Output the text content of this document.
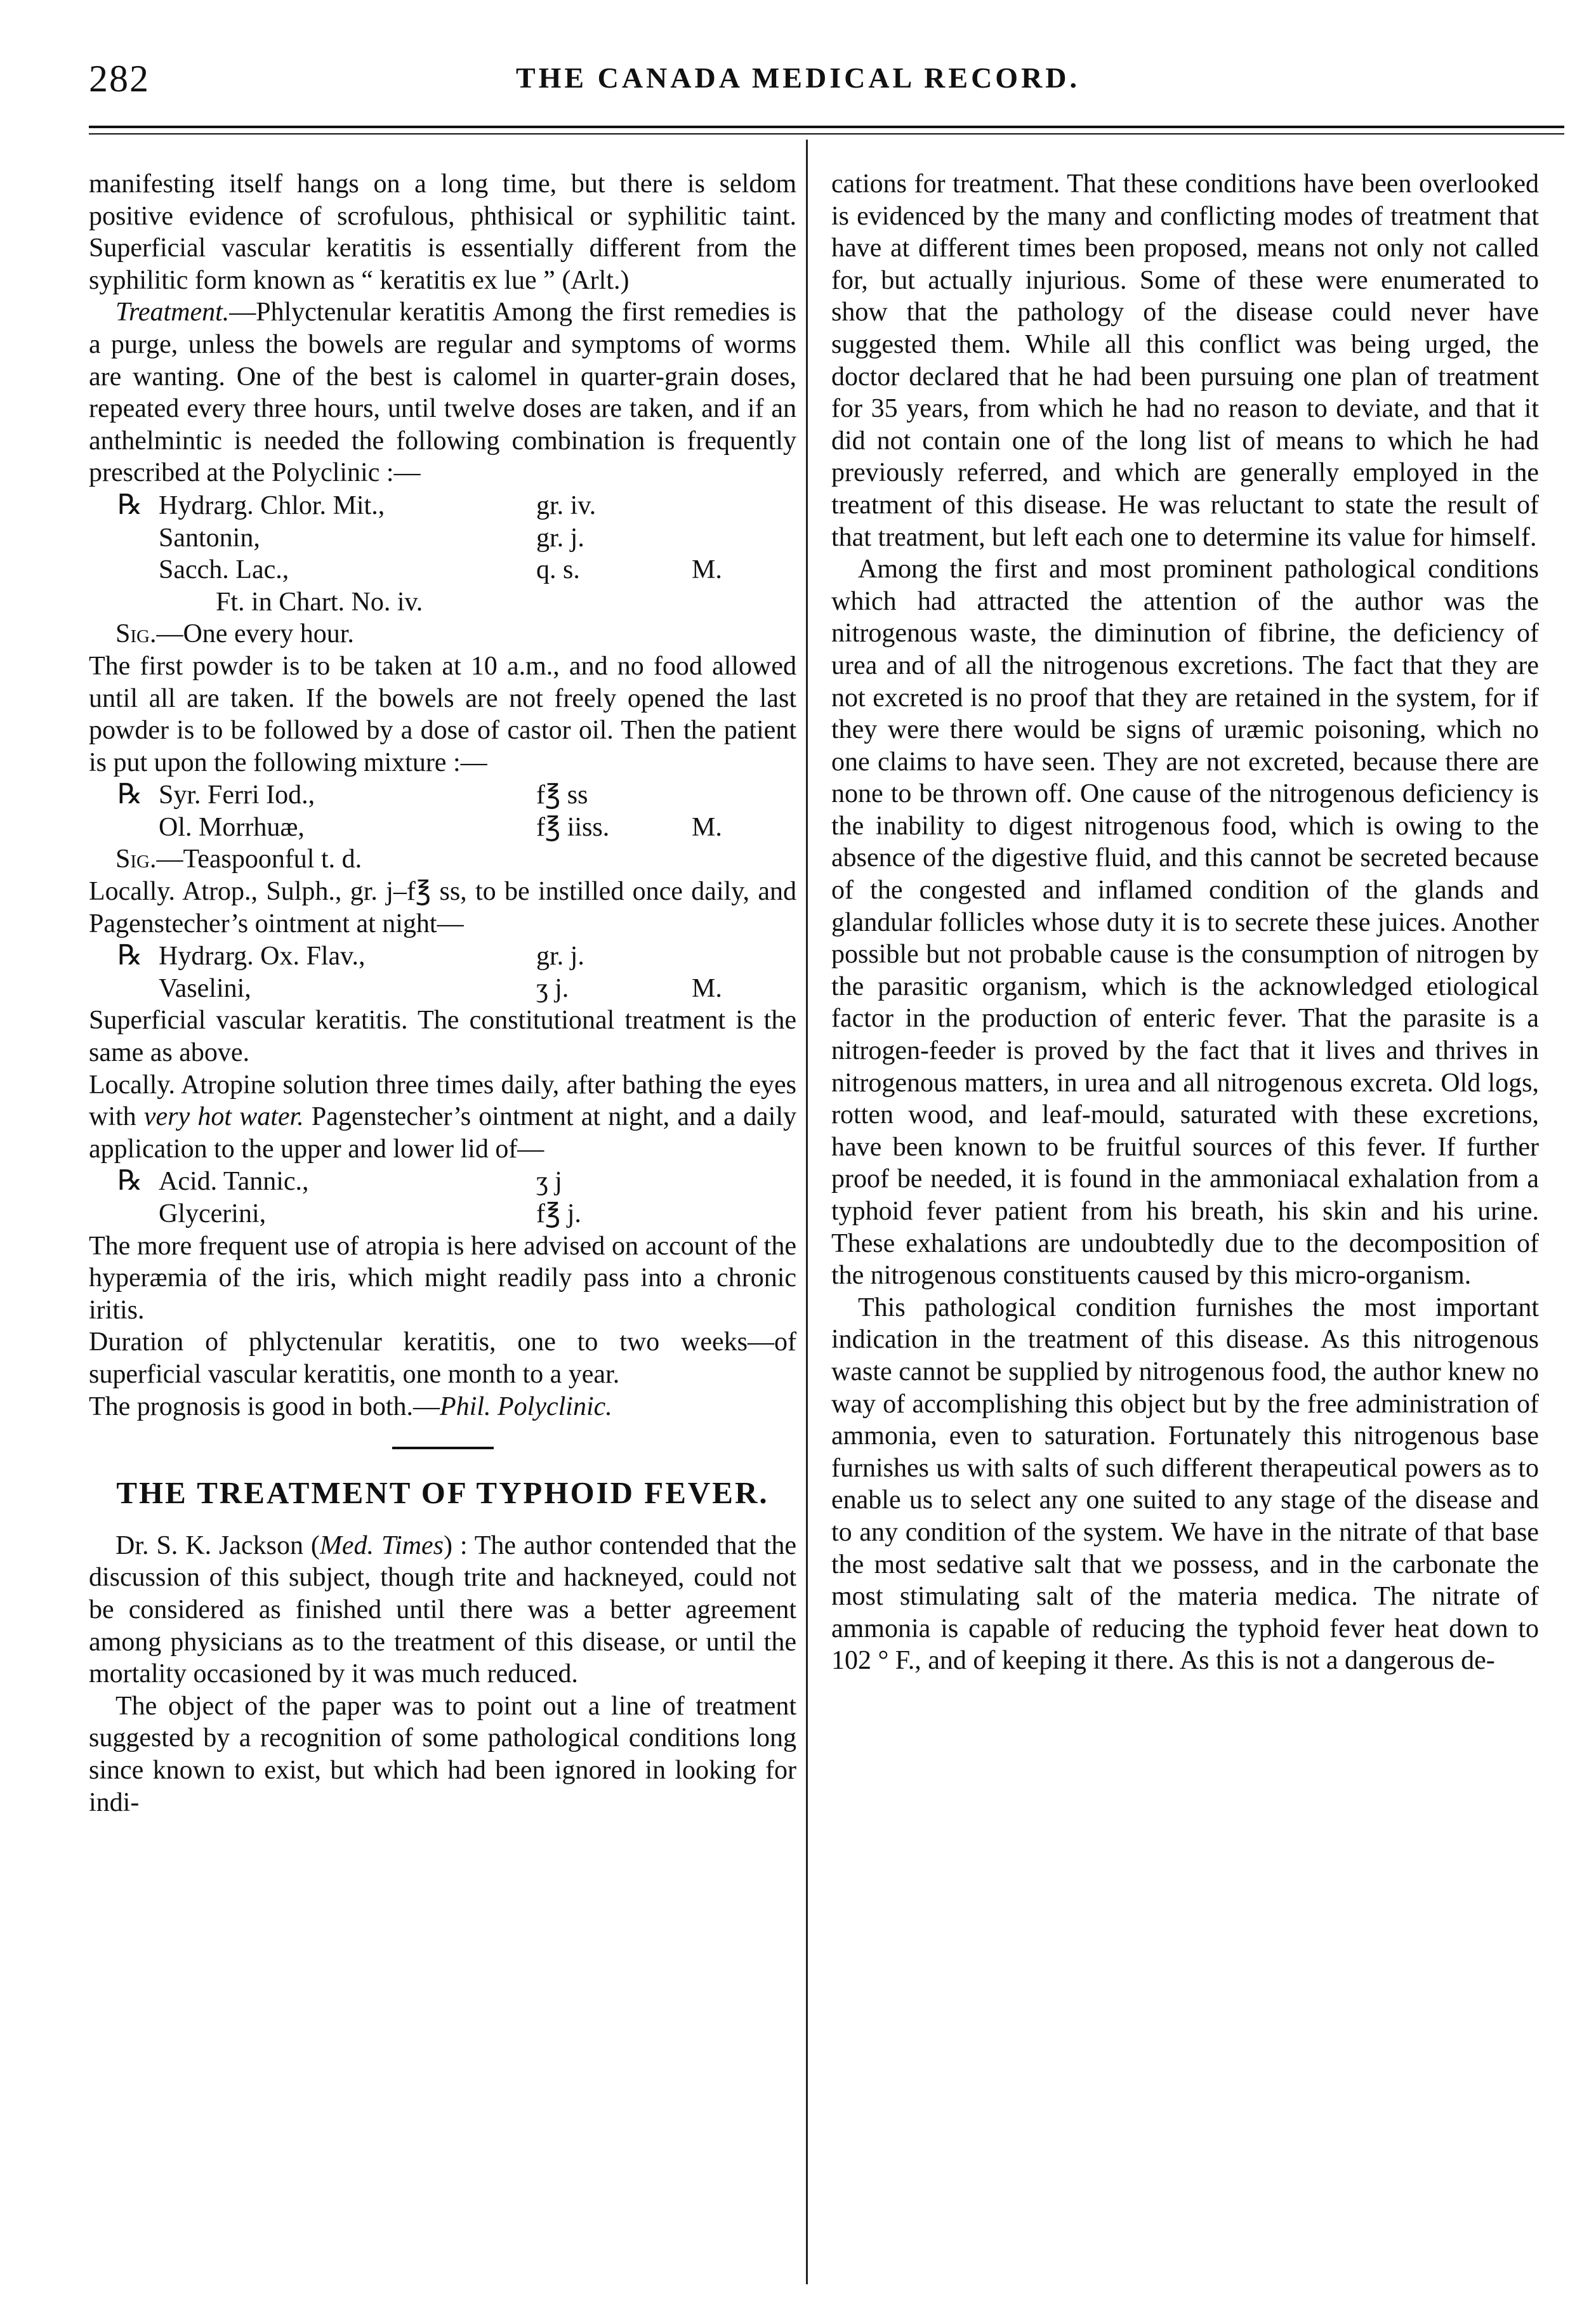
282	THE CANADA MEDICAL RECORD.

manifesting itself hangs on a long time, but there is seldom positive evidence of scrofulous, phthisical or syphilitic taint. Superficial vascular keratitis is essentially different from the syphilitic form known as “ keratitis ex lue ” (Arlt.)

Treatment.—Phlyctenular keratitis Among the first remedies is a purge, unless the bowels are regular and symptoms of worms are wanting. One of the best is calomel in quarter-grain doses, repeated every three hours, until twelve doses are taken, and if an anthelmintic is needed the following combination is frequently prescribed at the Polyclinic :—

℞ Hydrarg. Chlor. Mit.,	gr. iv.
Santonin,	gr. j.
Sacch. Lac.,	q. s.	M.
Ft. in Chart. No. iv.

Sig.—One every hour.

The first powder is to be taken at 10 a.m., and no food allowed until all are taken. If the bowels are not freely opened the last powder is to be followed by a dose of castor oil. Then the patient is put upon the following mixture :—

℞ Syr. Ferri Iod.,	f℥ ss
Ol. Morrhuæ,	f℥ iiss.	M.

Sig.—Teaspoonful t. d.

Locally. Atrop., Sulph., gr. j–f℥ ss, to be instilled once daily, and Pagenstecher’s ointment at night—

℞ Hydrarg. Ox. Flav.,	gr. j.
Vaselini,	ʒ j.	M.

Superficial vascular keratitis. The constitutional treatment is the same as above.

Locally. Atropine solution three times daily, after bathing the eyes with very hot water. Pagenstecher’s ointment at night, and a daily application to the upper and lower lid of—

℞ Acid. Tannic.,	ʒ j
Glycerini,	f℥ j.

The more frequent use of atropia is here advised on account of the hyperæmia of the iris, which might readily pass into a chronic iritis.

Duration of phlyctenular keratitis, one to two weeks—of superficial vascular keratitis, one month to a year.

The prognosis is good in both.—Phil. Polyclinic.

THE TREATMENT OF TYPHOID FEVER.

Dr. S. K. Jackson (Med. Times) : The author contended that the discussion of this subject, though trite and hackneyed, could not be considered as finished until there was a better agreement among physicians as to the treatment of this disease, or until the mortality occasioned by it was much reduced.

The object of the paper was to point out a line of treatment suggested by a recognition of some pathological conditions long since known to exist, but which had been ignored in looking for indi-

cations for treatment. That these conditions have been overlooked is evidenced by the many and conflicting modes of treatment that have at different times been proposed, means not only not called for, but actually injurious. Some of these were enumerated to show that the pathology of the disease could never have suggested them. While all this conflict was being urged, the doctor declared that he had been pursuing one plan of treatment for 35 years, from which he had no reason to deviate, and that it did not contain one of the long list of means to which he had previously referred, and which are generally employed in the treatment of this disease. He was reluctant to state the result of that treatment, but left each one to determine its value for himself.

Among the first and most prominent pathological conditions which had attracted the attention of the author was the nitrogenous waste, the diminution of fibrine, the deficiency of urea and of all the nitrogenous excretions. The fact that they are not excreted is no proof that they are retained in the system, for if they were there would be signs of uræmic poisoning, which no one claims to have seen. They are not excreted, because there are none to be thrown off. One cause of the nitrogenous deficiency is the inability to digest nitrogenous food, which is owing to the absence of the digestive fluid, and this cannot be secreted because of the congested and inflamed condition of the glands and glandular follicles whose duty it is to secrete these juices. Another possible but not probable cause is the consumption of nitrogen by the parasitic organism, which is the acknowledged etiological factor in the production of enteric fever. That the parasite is a nitrogen-feeder is proved by the fact that it lives and thrives in nitrogenous matters, in urea and all nitrogenous excreta. Old logs, rotten wood, and leaf-mould, saturated with these excretions, have been known to be fruitful sources of this fever. If further proof be needed, it is found in the ammoniacal exhalation from a typhoid fever patient from his breath, his skin and his urine. These exhalations are undoubtedly due to the decomposition of the nitrogenous constituents caused by this micro-organism.

This pathological condition furnishes the most important indication in the treatment of this disease. As this nitrogenous waste cannot be supplied by nitrogenous food, the author knew no way of accomplishing this object but by the free administration of ammonia, even to saturation. Fortunately this nitrogenous base furnishes us with salts of such different therapeutical powers as to enable us to select any one suited to any stage of the disease and to any condition of the system. We have in the nitrate of that base the most sedative salt that we possess, and in the carbonate the most stimulating salt of the materia medica. The nitrate of ammonia is capable of reducing the typhoid fever heat down to 102 ° F., and of keeping it there. As this is not a dangerous de-
